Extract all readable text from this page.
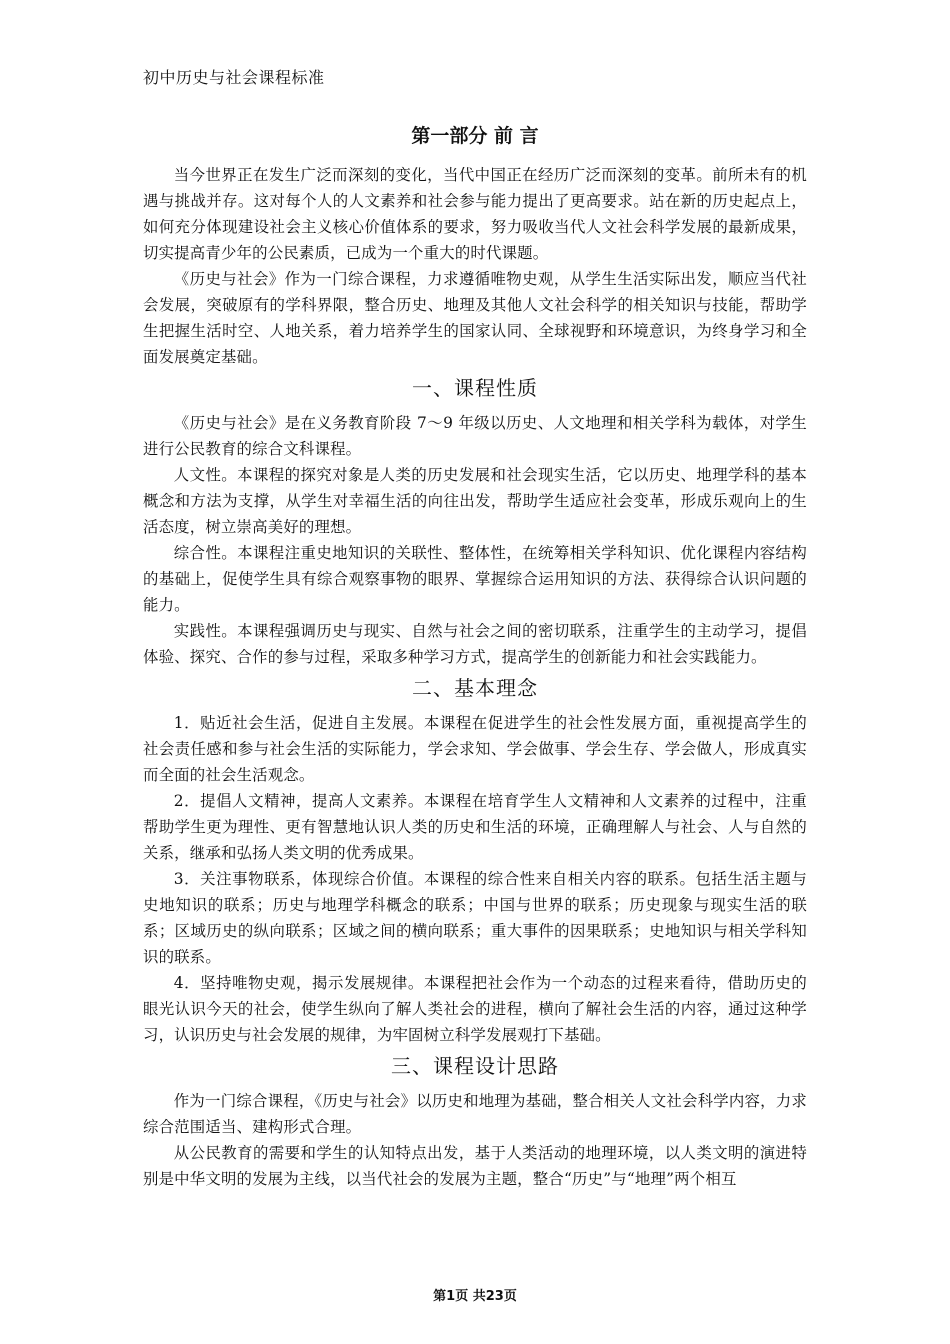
初中历史与社会课程标准
第一部分 前 言

当今世界正在发生广泛而深刻的变化，当代中国正在经历广泛而深刻的变革。前所未有的机遇与挑战并存。这对每个人的人文素养和社会参与能力提出了更高要求。站在新的历史起点上，如何充分体现建设社会主义核心价值体系的要求，努力吸收当代人文社会科学发展的最新成果，切实提高青少年的公民素质，已成为一个重大的时代课题。

《历史与社会》作为一门综合课程，力求遵循唯物史观，从学生生活实际出发，顺应当代社会发展，突破原有的学科界限，整合历史、地理及其他人文社会科学的相关知识与技能，帮助学生把握生活时空、人地关系，着力培养学生的国家认同、全球视野和环境意识，为终身学习和全面发展奠定基础。

一、课程性质

《历史与社会》是在义务教育阶段 7～9 年级以历史、人文地理和相关学科为载体，对学生进行公民教育的综合文科课程。

人文性。本课程的探究对象是人类的历史发展和社会现实生活，它以历史、地理学科的基本概念和方法为支撑，从学生对幸福生活的向往出发，帮助学生适应社会变革，形成乐观向上的生活态度，树立崇高美好的理想。

综合性。本课程注重史地知识的关联性、整体性，在统筹相关学科知识、优化课程内容结构的基础上，促使学生具有综合观察事物的眼界、掌握综合运用知识的方法、获得综合认识问题的能力。

实践性。本课程强调历史与现实、自然与社会之间的密切联系，注重学生的主动学习，提倡体验、探究、合作的参与过程，采取多种学习方式，提高学生的创新能力和社会实践能力。

二、基本理念

1．贴近社会生活，促进自主发展。本课程在促进学生的社会性发展方面，重视提高学生的社会责任感和参与社会生活的实际能力，学会求知、学会做事、学会生存、学会做人，形成真实而全面的社会生活观念。

2．提倡人文精神，提高人文素养。本课程在培育学生人文精神和人文素养的过程中，注重帮助学生更为理性、更有智慧地认识人类的历史和生活的环境，正确理解人与社会、人与自然的关系，继承和弘扬人类文明的优秀成果。

3．关注事物联系，体现综合价值。本课程的综合性来自相关内容的联系。包括生活主题与史地知识的联系；历史与地理学科概念的联系；中国与世界的联系；历史现象与现实生活的联系；区域历史的纵向联系；区域之间的横向联系；重大事件的因果联系；史地知识与相关学科知识的联系。

4．坚持唯物史观，揭示发展规律。本课程把社会作为一个动态的过程来看待，借助历史的眼光认识今天的社会，使学生纵向了解人类社会的进程，横向了解社会生活的内容，通过这种学习，认识历史与社会发展的规律，为牢固树立科学发展观打下基础。

三、课程设计思路

作为一门综合课程，《历史与社会》以历史和地理为基础，整合相关人文社会科学内容，力求综合范围适当、建构形式合理。

从公民教育的需要和学生的认知特点出发，基于人类活动的地理环境，以人类文明的演进特别是中华文明的发展为主线，以当代社会的发展为主题，整合“历史”与“地理”两个相互

第1页 共23页
